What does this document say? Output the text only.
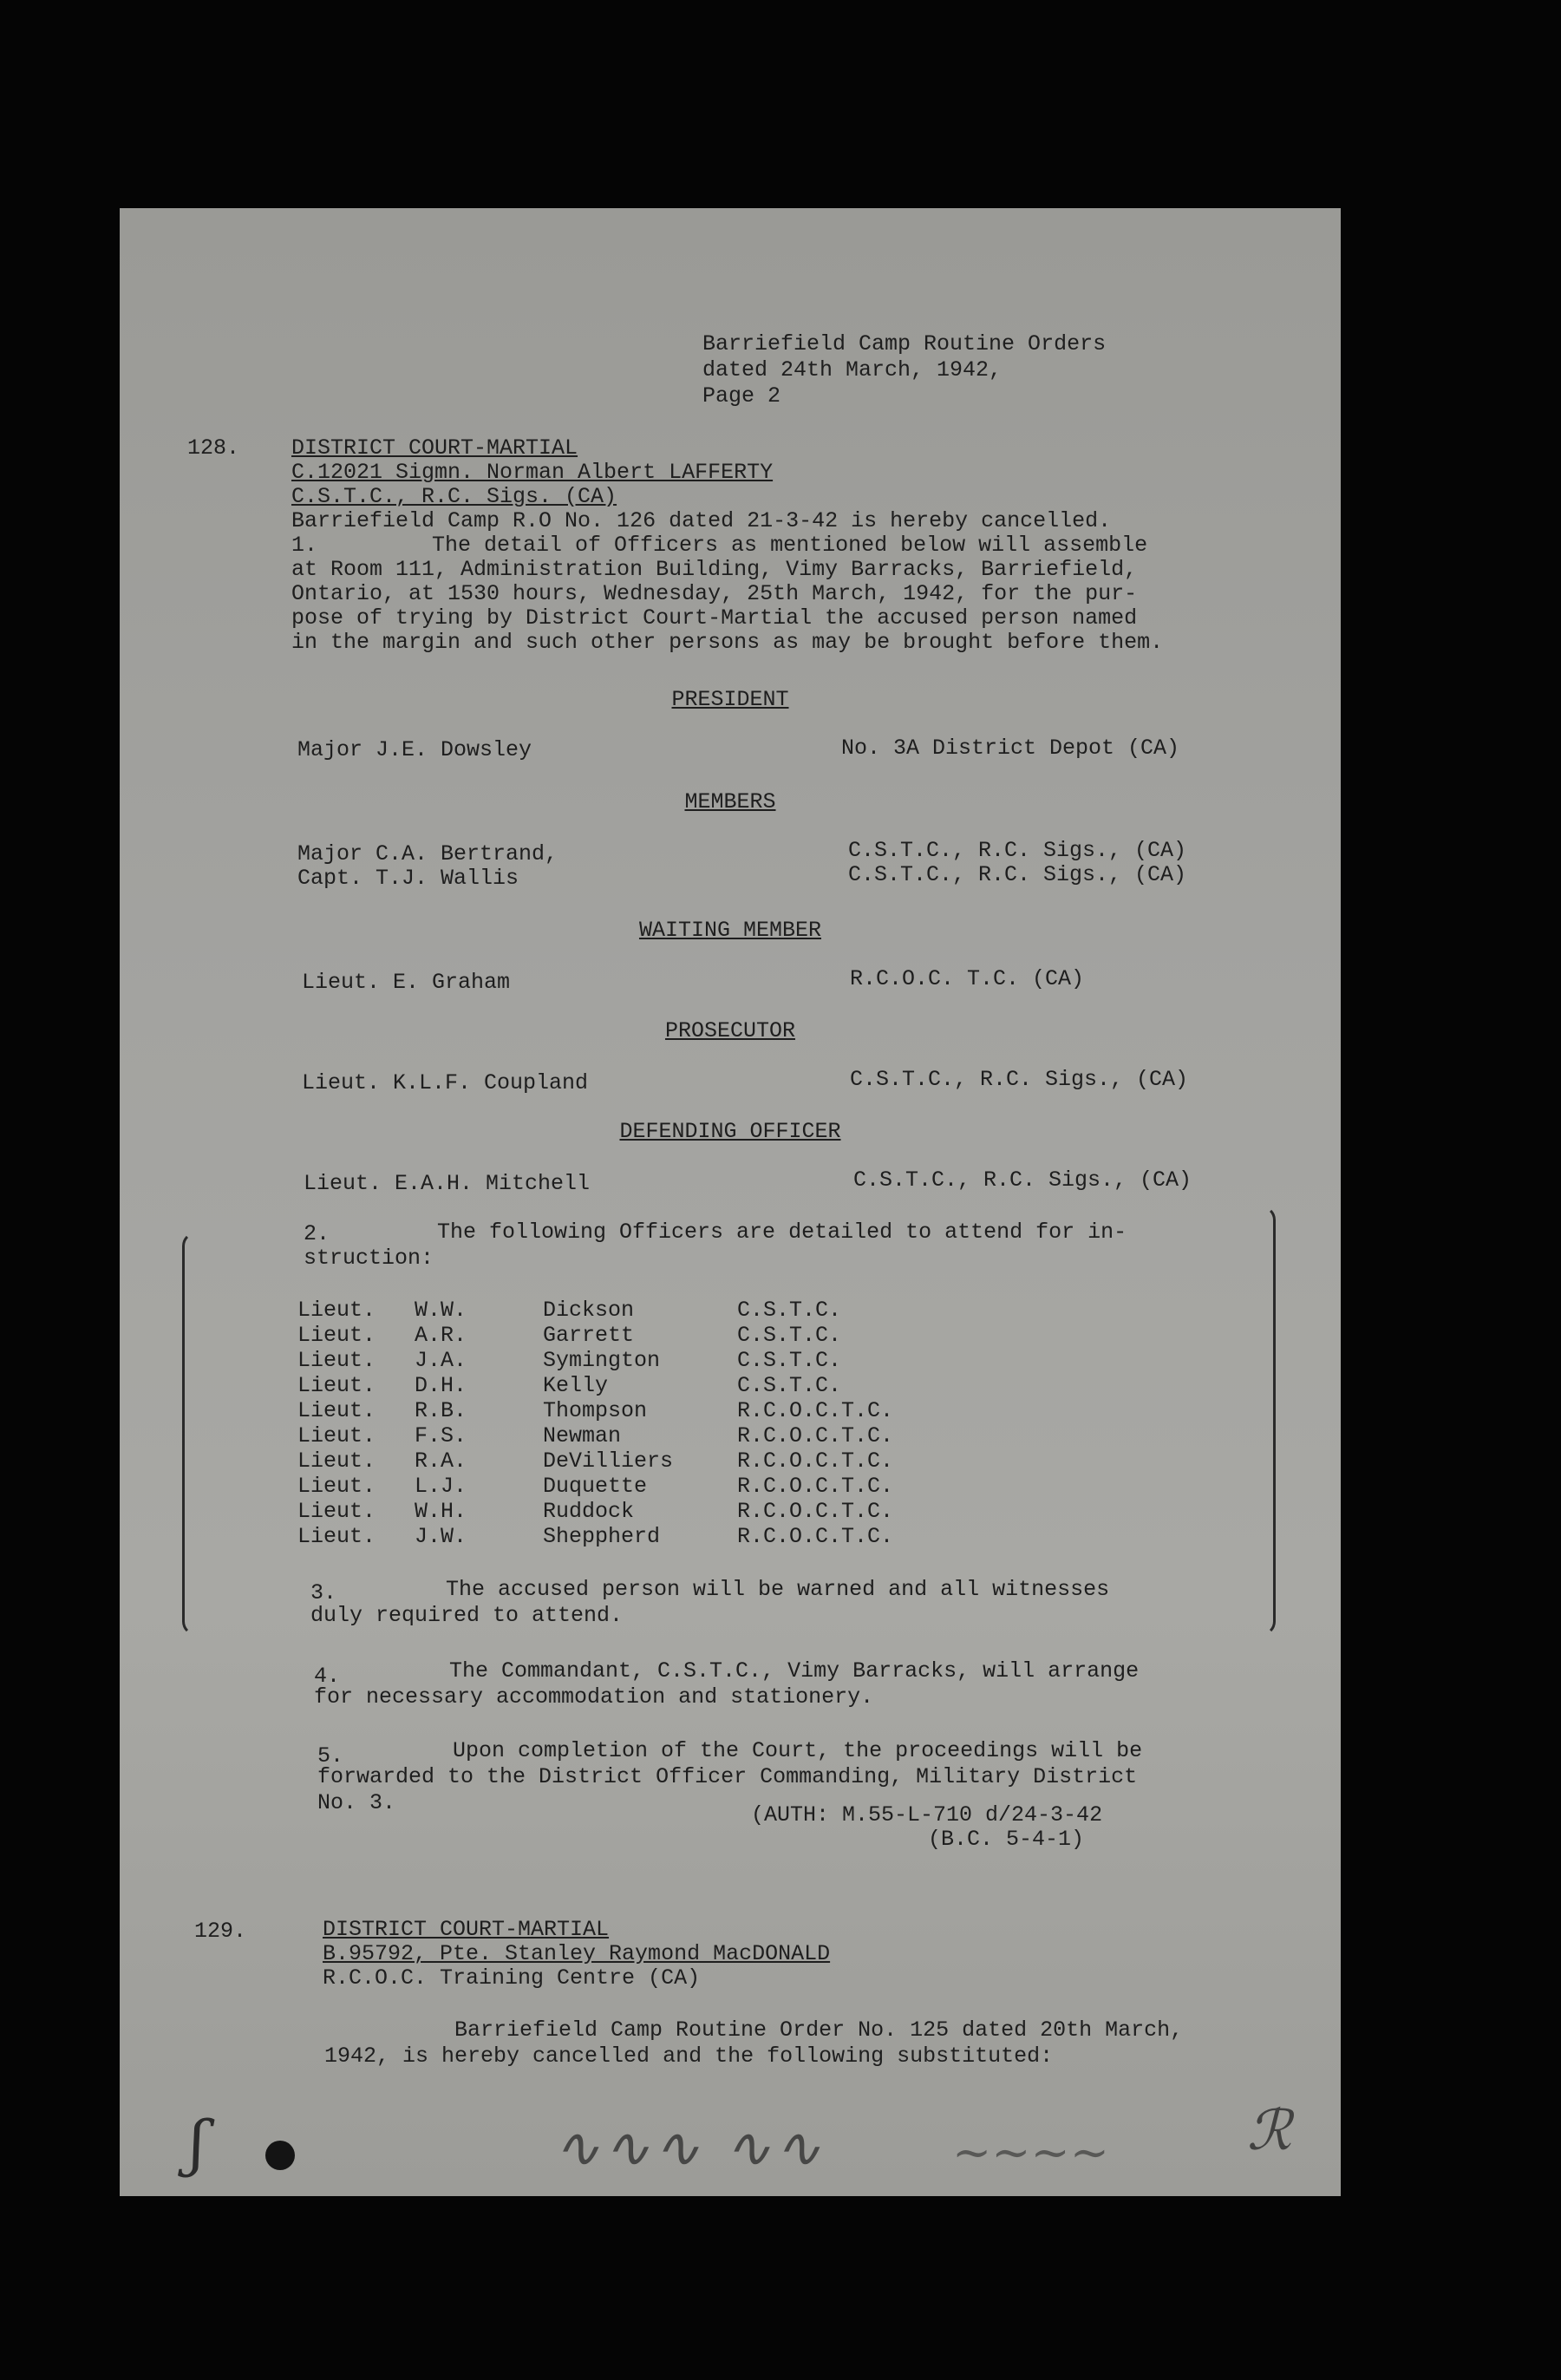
Barriefield Camp Routine Orders
dated 24th March, 1942,
Page 2
128. DISTRICT COURT-MARTIAL
C.12021 Sigmn. Norman Albert LAFFERTY
C.S.T.C., R.C. Sigs. (CA)
Barriefield Camp R.O No. 126 dated 21-3-42 is hereby cancelled.
1.	The detail of Officers as mentioned below will assemble
at Room 111, Administration Building, Vimy Barracks, Barriefield,
Ontario, at 1530 hours, Wednesday, 25th March, 1942, for the pur-
pose of trying by District Court-Martial the accused person named
in the margin and such other persons as may be brought before them.
PRESIDENT
Major J.E. Dowsley	No. 3A District Depot (CA)
MEMBERS
Major C.A. Bertrand,	C.S.T.C., R.C. Sigs., (CA)
Capt. T.J. Wallis	C.S.T.C., R.C. Sigs., (CA)
WAITING MEMBER
Lieut. E. Graham	R.C.O.C. T.C. (CA)
PROSECUTOR
Lieut. K.L.F. Coupland	C.S.T.C., R.C. Sigs., (CA)
DEFENDING OFFICER
Lieut. E.A.H. Mitchell	C.S.T.C., R.C. Sigs., (CA)
2.	The following Officers are detailed to attend for in-
struction:
Lieut. W.W.	Dickson	C.S.T.C.
Lieut. A.R.	Garrett	C.S.T.C.
Lieut. J.A.	Symington	C.S.T.C.
Lieut. D.H.	Kelly	C.S.T.C.
Lieut. R.B.	Thompson	R.C.O.C.T.C.
Lieut. F.S.	Newman	R.C.O.C.T.C.
Lieut. R.A.	DeVilliers	R.C.O.C.T.C.
Lieut. L.J.	Duquette	R.C.O.C.T.C.
Lieut. W.H.	Ruddock	R.C.O.C.T.C.
Lieut. J.W.	Sheppherd	R.C.O.C.T.C.
3.	The accused person will be warned and all witnesses
duly required to attend.
4.	The Commandant, C.S.T.C., Vimy Barracks, will arrange
for necessary accommodation and stationery.
5.	Upon completion of the Court, the proceedings will be
forwarded to the District Officer Commanding, Military District
No. 3.	(AUTH: M.55-L-710 d/24-3-42
(B.C. 5-4-1)
129.	DISTRICT COURT-MARTIAL
B.95792, Pte. Stanley Raymond MacDONALD
R.C.O.C. Training Centre (CA)
Barriefield Camp Routine Order No. 125 dated 20th March,
1942, is hereby cancelled and the following substituted:
ʃ	∿∿∿ ∿∿	~∼~∼ ℛ
